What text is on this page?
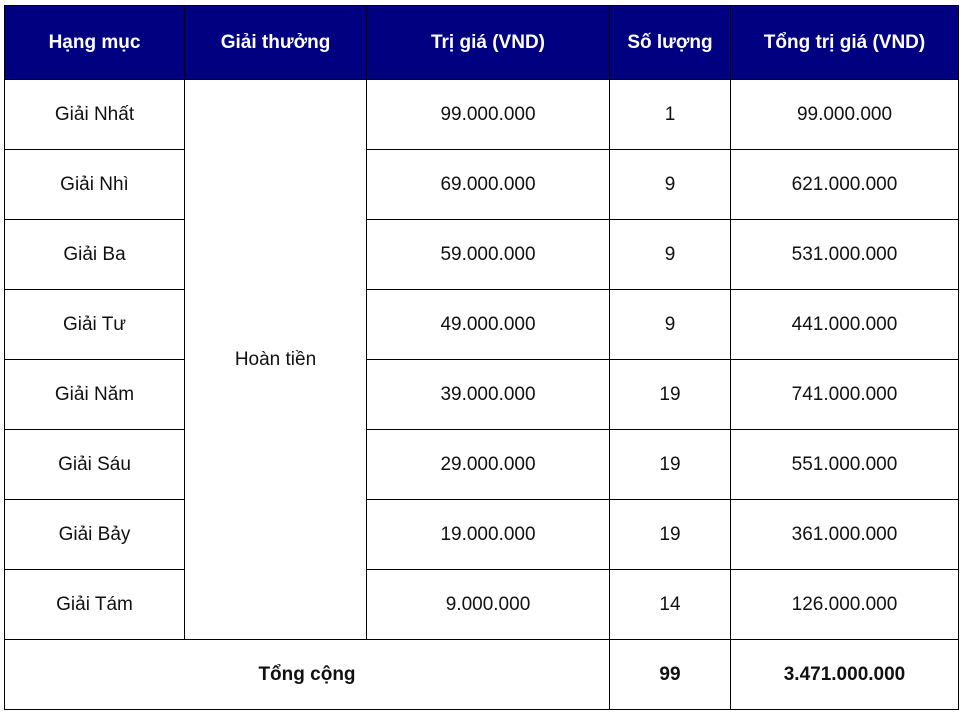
Hạng mục	Giải thưởng	Trị giá (VND)	Số lượng	Tổng trị giá (VND)
Giải Nhất	Hoàn tiền	99.000.000	1	99.000.000
Giải Nhì		69.000.000	9	621.000.000
Giải Ba		59.000.000	9	531.000.000
Giải Tư		49.000.000	9	441.000.000
Giải Năm		39.000.000	19	741.000.000
Giải Sáu		29.000.000	19	551.000.000
Giải Bảy		19.000.000	19	361.000.000
Giải Tám		9.000.000	14	126.000.000
Tổng cộng			99	3.471.000.000
